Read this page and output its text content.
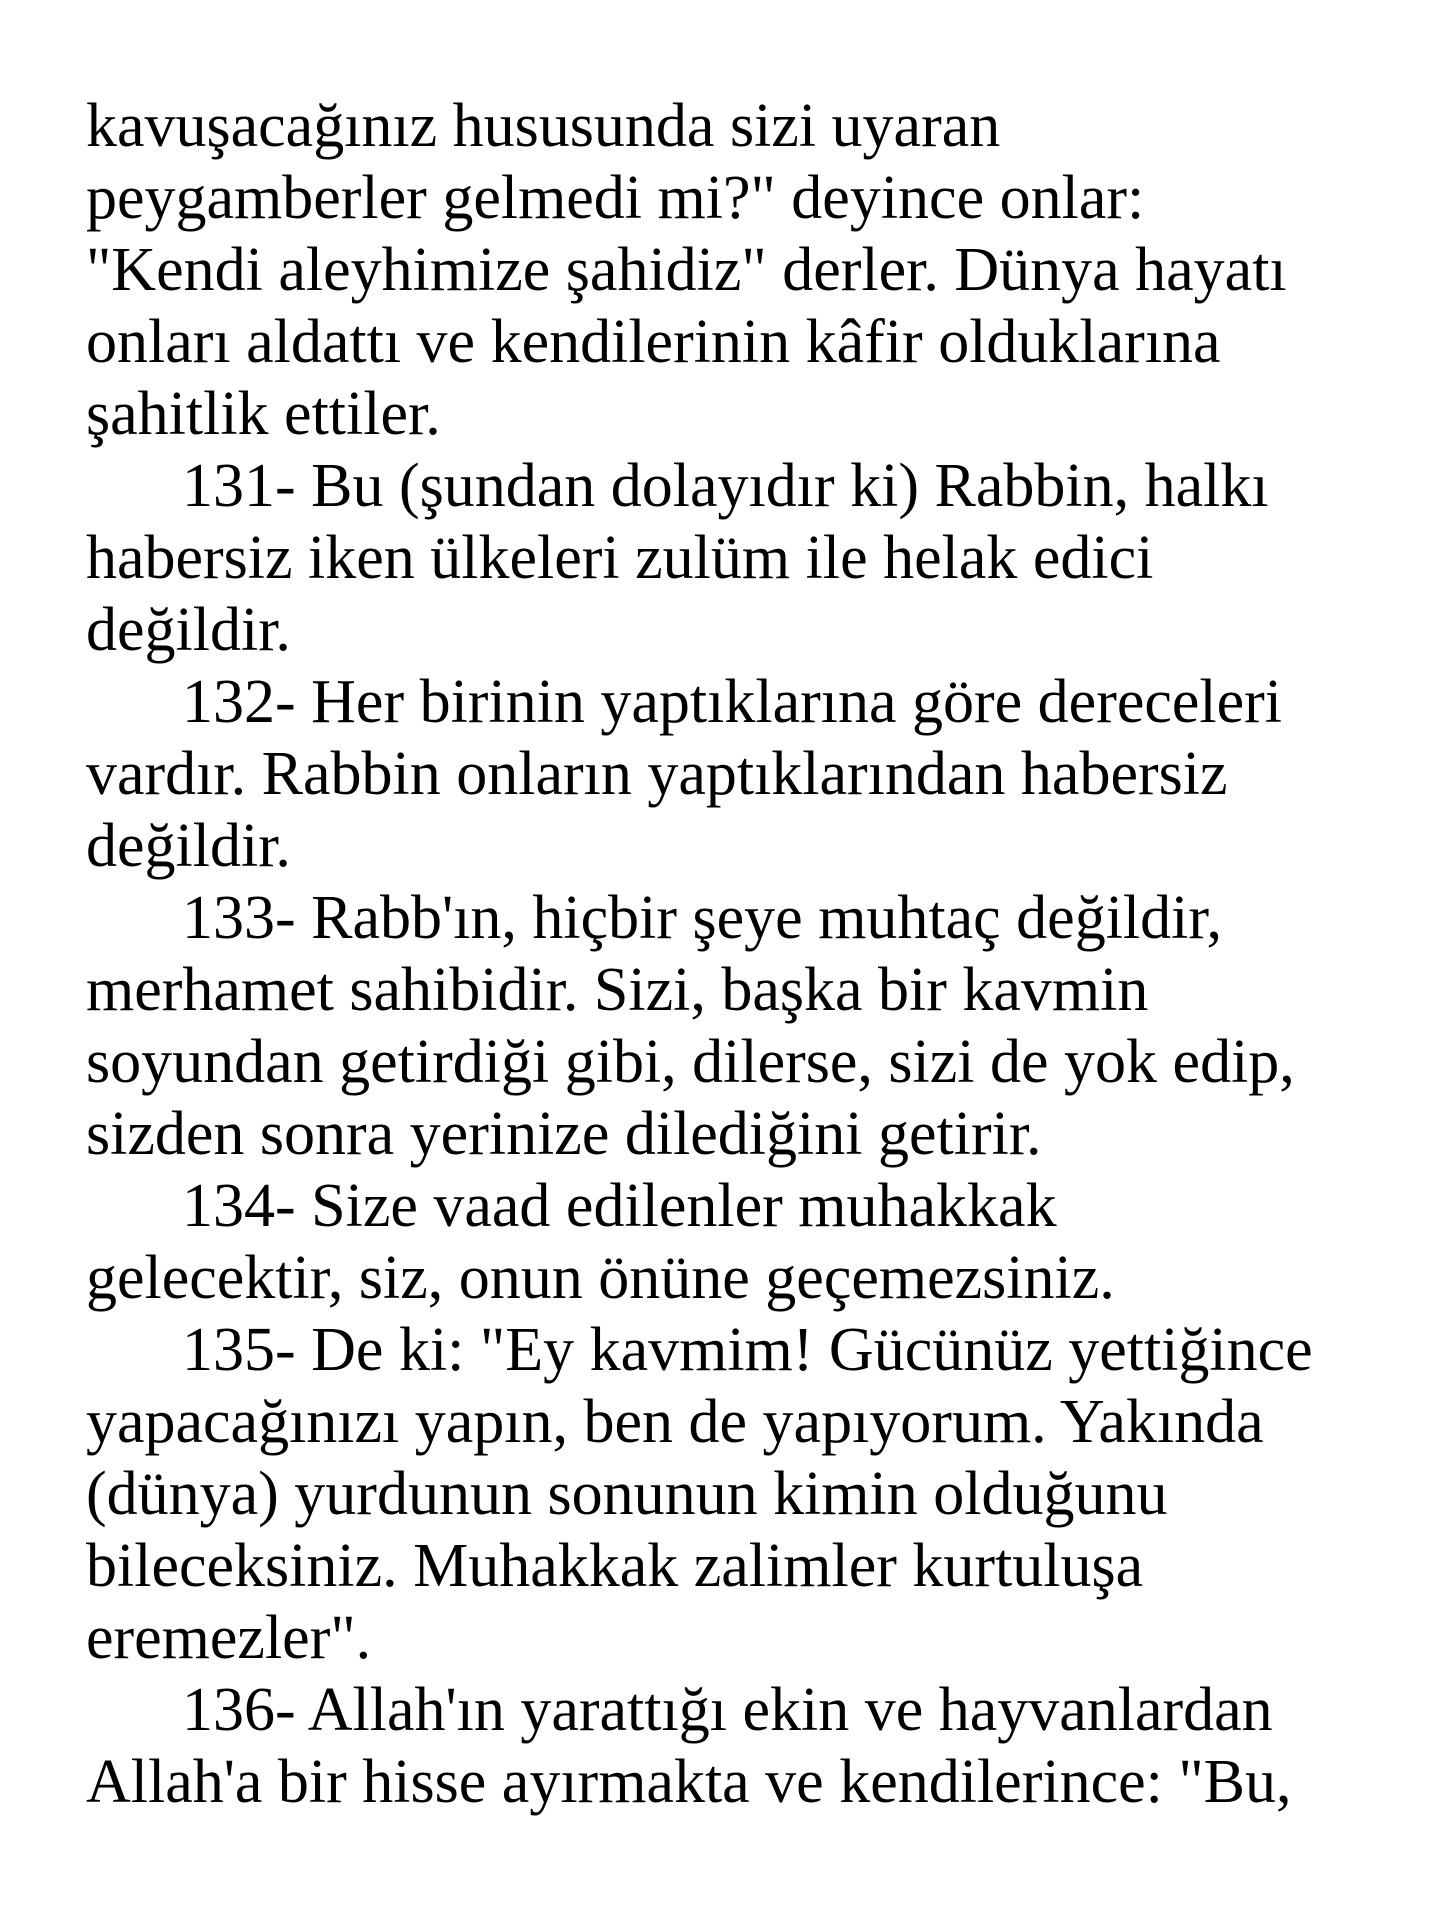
kavuşacağınız hususunda sizi uyaran
peygamberler gelmedi mi?" deyince onlar:
"Kendi aleyhimize şahidiz" derler. Dünya hayatı
onları aldattı ve kendilerinin kâfir olduklarına
şahitlik ettiler.

131- Bu (şundan dolayıdır ki) Rabbin, halkı
habersiz iken ülkeleri zulüm ile helak edici
değildir.

132- Her birinin yaptıklarına göre dereceleri
vardır. Rabbin onların yaptıklarından habersiz
değildir.

133- Rabb'ın, hiçbir şeye muhtaç değildir,
merhamet sahibidir. Sizi, başka bir kavmin
soyundan getirdiği gibi, dilerse, sizi de yok edip,
sizden sonra yerinize dilediğini getirir.

134- Size vaad edilenler muhakkak
gelecektir, siz, onun önüne geçemezsiniz.

135- De ki: "Ey kavmim! Gücünüz yettiğince
yapacağınızı yapın, ben de yapıyorum. Yakında
(dünya) yurdunun sonunun kimin olduğunu
bileceksiniz. Muhakkak zalimler kurtuluşa
eremezler".

136- Allah'ın yarattığı ekin ve hayvanlardan
Allah'a bir hisse ayırmakta ve kendilerince: "Bu,
